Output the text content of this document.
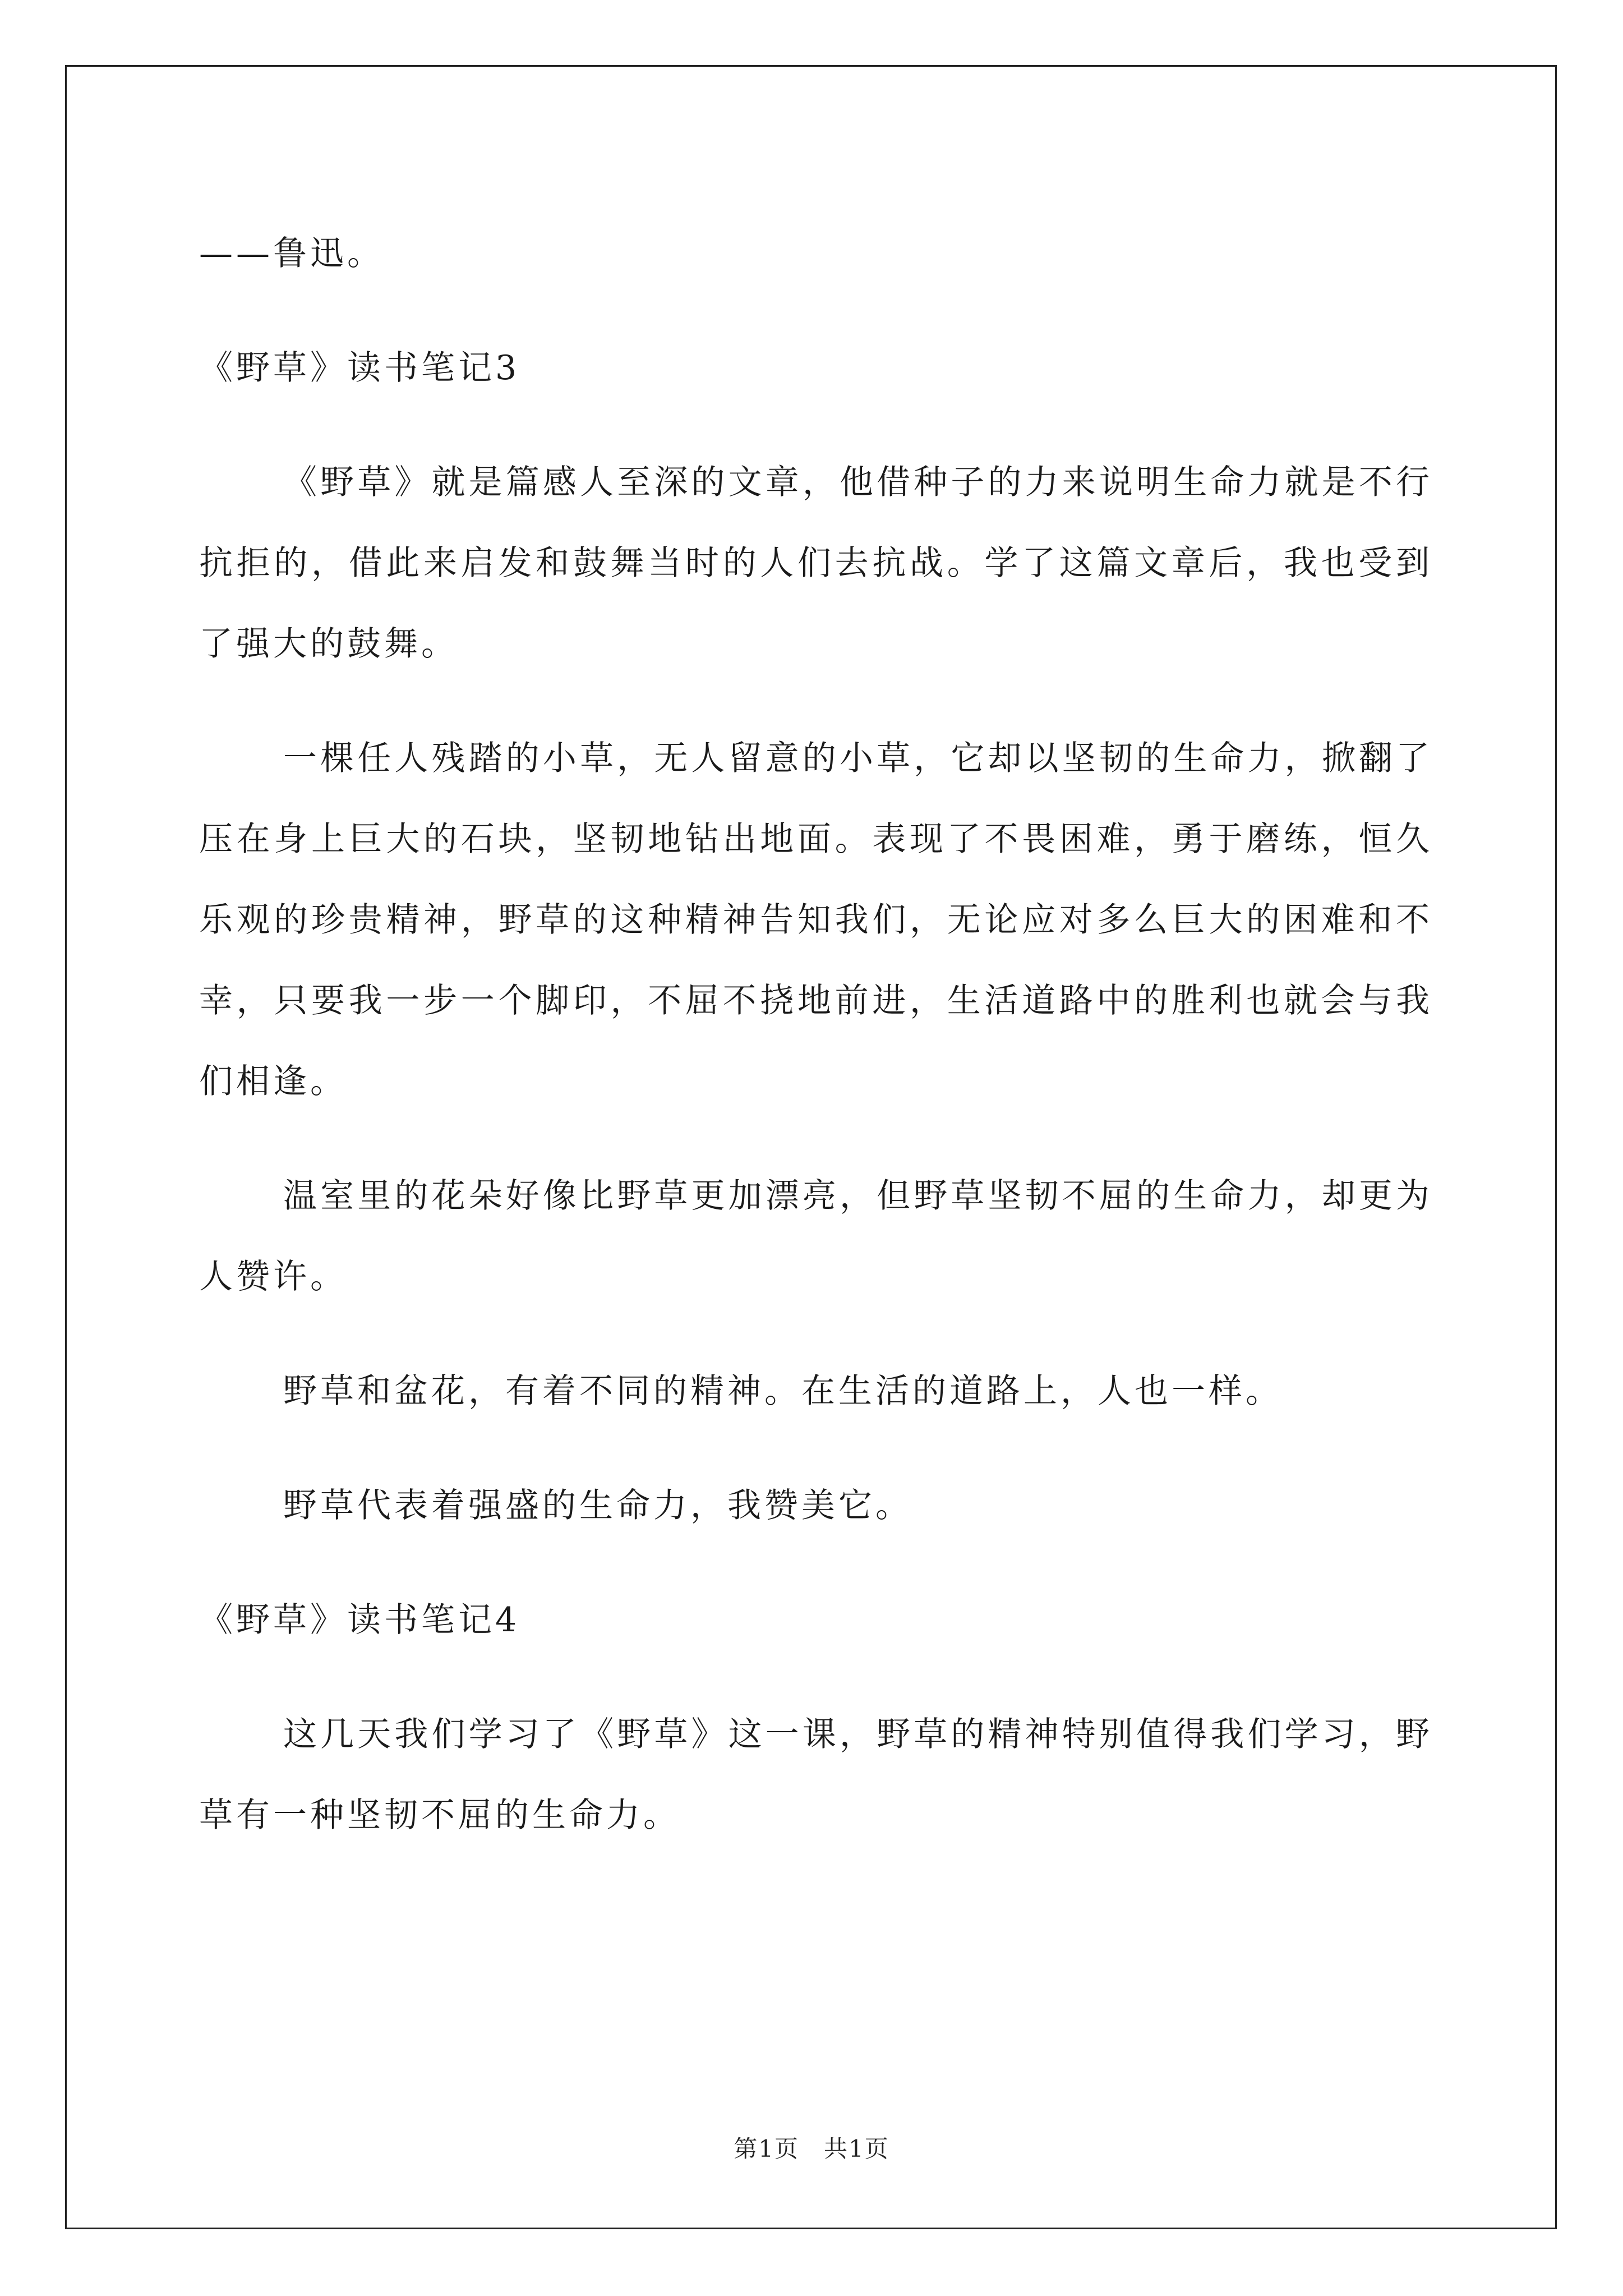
——鲁迅。

《野草》读书笔记3

《野草》就是篇感人至深的文章，他借种子的力来说明生命力就是不行抗拒的，借此来启发和鼓舞当时的人们去抗战。学了这篇文章后，我也受到了强大的鼓舞。

一棵任人残踏的小草，无人留意的小草，它却以坚韧的生命力，掀翻了压在身上巨大的石块，坚韧地钻出地面。表现了不畏困难，勇于磨练，恒久乐观的珍贵精神，野草的这种精神告知我们，无论应对多么巨大的困难和不幸，只要我一步一个脚印，不屈不挠地前进，生活道路中的胜利也就会与我们相逢。

温室里的花朵好像比野草更加漂亮，但野草坚韧不屈的生命力，却更为人赞许。

野草和盆花，有着不同的精神。在生活的道路上，人也一样。

野草代表着强盛的生命力，我赞美它。

《野草》读书笔记4

这几天我们学习了《野草》这一课，野草的精神特别值得我们学习，野草有一种坚韧不屈的生命力。

第1页　共1页
